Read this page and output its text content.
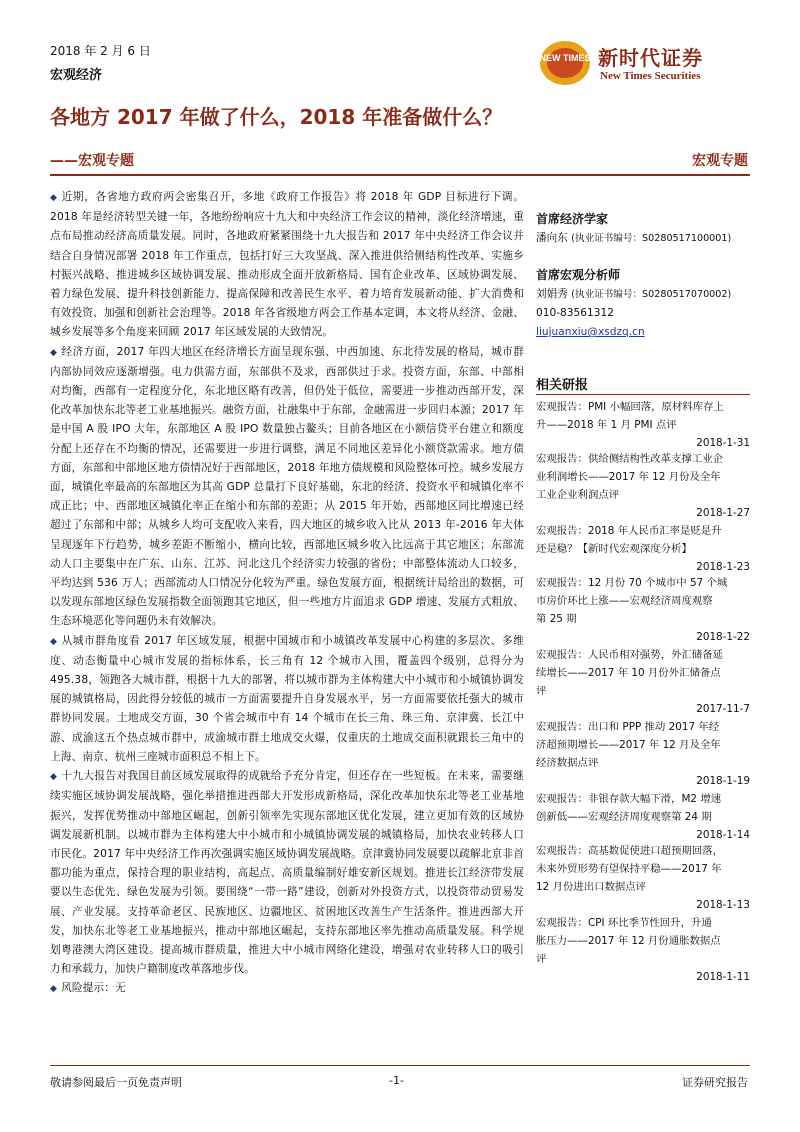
2018 年 2 月 6 日
宏观经济
NEW TIMES 新时代证券
New Times Securities
各地方 2017 年做了什么，2018 年准备做什么？
——宏观专题	宏观专题

◆ 近期，各省地方政府两会密集召开，多地《政府工作报告》将 2018 年 GDP 目标进行下调。2018 年是经济转型关键一年，各地纷纷响应十九大和中央经济工作会议的精神，淡化经济增速，重点布局推动经济高质量发展。同时，各地政府紧紧围绕十九大报告和 2017 年中央经济工作会议并结合自身情况部署 2018 年工作重点，包括打好三大攻坚战、深入推进供给侧结构性改革、实施乡村振兴战略、推进城乡区域协调发展、推动形成全面开放新格局、国有企业改革、区域协调发展、着力绿色发展、提升科技创新能力、提高保障和改善民生水平、着力培育发展新动能、扩大消费和有效投资、加强和创新社会治理等。2018 年各省级地方两会工作基本定调，本文将从经济、金融、城乡发展等多个角度来回顾 2017 年区域发展的大致情况。

◆ 经济方面，2017 年四大地区在经济增长方面呈现东强、中西加速、东北待发展的格局，城市群内部协同效应逐渐增强。电力供需方面，东部供不及求，西部供过于求。投资方面，东部、中部相对均衡，西部有一定程度分化，东北地区略有改善，但仍处于低位，需要进一步推动西部开发，深化改革加快东北等老工业基地振兴。融资方面，社融集中于东部，金融需进一步回归本源；2017 年是中国 A 股 IPO 大年，东部地区 A 股 IPO 数量独占鳌头；目前各地区在小额信贷平台建立和额度分配上还存在不均衡的情况，还需要进一步进行调整，满足不同地区差异化小额贷款需求。地方债方面，东部和中部地区地方债情况好于西部地区，2018 年地方债规模和风险整体可控。城乡发展方面，城镇化率最高的东部地区为其高 GDP 总量打下良好基础，东北的经济、投资水平和城镇化率不成正比；中、西部地区城镇化率正在缩小和东部的差距；从 2015 年开始，西部地区同比增速已经超过了东部和中部；从城乡人均可支配收入来看，四大地区的城乡收入比从 2013 年-2016 年大体呈现逐年下行趋势，城乡差距不断缩小，横向比较，西部地区城乡收入比远高于其它地区；东部流动人口主要集中在广东、山东、江苏、河北这几个经济实力较强的省份；中部整体流动人口较多，平均达到 536 万人；西部流动人口情况分化较为严重。绿色发展方面，根据统计局给出的数据，可以发现东部地区绿色发展指数全面领跑其它地区，但一些地方片面追求 GDP 增速、发展方式粗放、生态环境恶化等问题仍未有效解决。

◆ 从城市群角度看 2017 年区域发展，根据中国城市和小城镇改革发展中心构建的多层次、多维度、动态衡量中心城市发展的指标体系，长三角有 12 个城市入围，覆盖四个级别，总得分为 495.38，领跑各大城市群，根据十九大的部署，将以城市群为主体构建大中小城市和小城镇协调发展的城镇格局，因此得分较低的城市一方面需要提升自身发展水平，另一方面需要依托强大的城市群协同发展。土地成交方面，30 个省会城市中有 14 个城市在长三角、珠三角、京津冀、长江中游、成渝这五个热点城市群中，成渝城市群土地成交火爆，仅重庆的土地成交面积就跟长三角中的上海、南京、杭州三座城市面积总不相上下。

◆ 十九大报告对我国目前区域发展取得的成就给予充分肯定，但还存在一些短板。在未来，需要继续实施区域协调发展战略，强化举措推进西部大开发形成新格局，深化改革加快东北等老工业基地振兴，发挥优势推动中部地区崛起，创新引领率先实现东部地区优化发展，建立更加有效的区域协调发展新机制。以城市群为主体构建大中小城市和小城镇协调发展的城镇格局，加快农业转移人口市民化。2017 年中央经济工作再次强调实施区域协调发展战略。京津冀协同发展要以疏解北京非首都功能为重点，保持合理的职业结构，高起点、高质量编制好雄安新区规划。推进长江经济带发展要以生态优先、绿色发展为引领。要围绕“一带一路”建设，创新对外投资方式，以投资带动贸易发展、产业发展。支持革命老区、民族地区、边疆地区、贫困地区改善生产生活条件。推进西部大开发，加快东北等老工业基地振兴，推动中部地区崛起，支持东部地区率先推动高质量发展。科学规划粤港澳大湾区建设。提高城市群质量，推进大中小城市网络化建设，增强对农业转移人口的吸引力和承载力，加快户籍制度改革落地步伐。

◆ 风险提示：无

首席经济学家
潘向东 (执业证书编号：S0280517100001)
首席宏观分析师
刘娟秀 (执业证书编号：S0280517070002)
010-83561312
liujuanxiu@xsdzq.cn
相关研报
宏观报告：PMI 小幅回落，原材料库存上
升——2018 年 1 月 PMI 点评
2018-1-31
宏观报告：供给侧结构性改革支撑工业企
业利润增长——2017 年 12 月份及全年
工业企业利润点评
2018-1-27
宏观报告：2018 年人民币汇率是贬是升
还是稳？【新时代宏观深度分析】
2018-1-23
宏观报告：12 月份 70 个城市中 57 个城
市房价环比上涨——宏观经济周度观察
第 25 期
2018-1-22
宏观报告：人民币相对强势，外汇储备延
续增长——2017 年 10 月份外汇储备点
评
2017-11-7
宏观报告：出口和 PPP 推动 2017 年经
济超预期增长——2017 年 12 月及全年
经济数据点评
2018-1-19
宏观报告：非银存款大幅下滑，M2 增速
创新低——宏观经济周度观察第 24 期
2018-1-14
宏观报告：高基数促使进口超预期回落，
未来外贸形势有望保持平稳——2017 年
12 月份进出口数据点评
2018-1-13
宏观报告：CPI 环比季节性回升，升通
胀压力——2017 年 12 月份通胀数据点
评
2018-1-11
敬请参阅最后一页免责声明	-1-	证券研究报告
